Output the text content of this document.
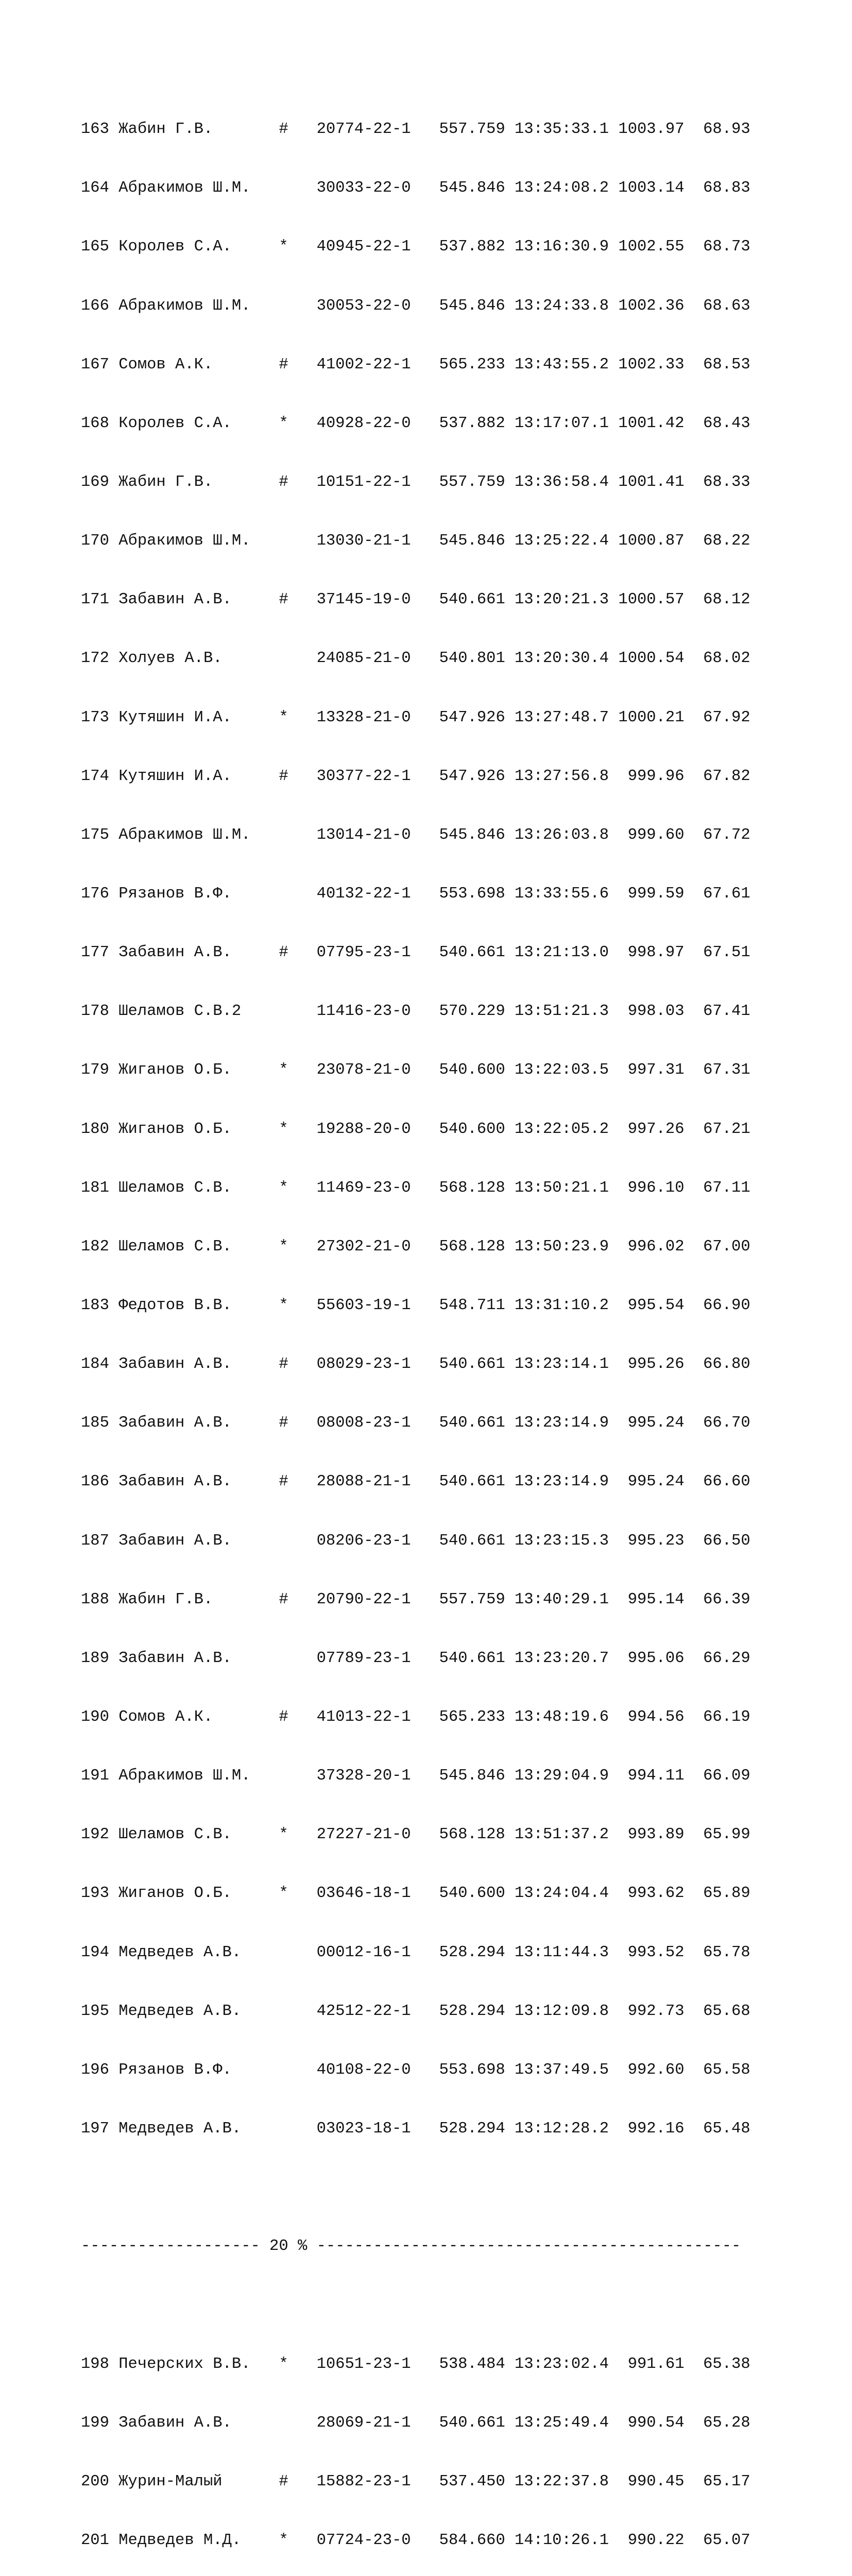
163 Жабин Г.В.       #   20774-22-1   557.759 13:35:33.1 1003.97  68.93

164 Абракимов Ш.М.       30033-22-0   545.846 13:24:08.2 1003.14  68.83

165 Королев С.А.     *   40945-22-1   537.882 13:16:30.9 1002.55  68.73

166 Абракимов Ш.М.       30053-22-0   545.846 13:24:33.8 1002.36  68.63

167 Сомов А.К.       #   41002-22-1   565.233 13:43:55.2 1002.33  68.53

168 Королев С.А.     *   40928-22-0   537.882 13:17:07.1 1001.42  68.43

169 Жабин Г.В.       #   10151-22-1   557.759 13:36:58.4 1001.41  68.33

170 Абракимов Ш.М.       13030-21-1   545.846 13:25:22.4 1000.87  68.22

171 Забавин А.В.     #   37145-19-0   540.661 13:20:21.3 1000.57  68.12

172 Холуев А.В.          24085-21-0   540.801 13:20:30.4 1000.54  68.02

173 Кутяшин И.А.     *   13328-21-0   547.926 13:27:48.7 1000.21  67.92

174 Кутяшин И.А.     #   30377-22-1   547.926 13:27:56.8  999.96  67.82

175 Абракимов Ш.М.       13014-21-0   545.846 13:26:03.8  999.60  67.72

176 Рязанов В.Ф.         40132-22-1   553.698 13:33:55.6  999.59  67.61

177 Забавин А.В.     #   07795-23-1   540.661 13:21:13.0  998.97  67.51

178 Шеламов С.В.2        11416-23-0   570.229 13:51:21.3  998.03  67.41

179 Жиганов О.Б.     *   23078-21-0   540.600 13:22:03.5  997.31  67.31

180 Жиганов О.Б.     *   19288-20-0   540.600 13:22:05.2  997.26  67.21

181 Шеламов С.В.     *   11469-23-0   568.128 13:50:21.1  996.10  67.11

182 Шеламов С.В.     *   27302-21-0   568.128 13:50:23.9  996.02  67.00

183 Федотов В.В.     *   55603-19-1   548.711 13:31:10.2  995.54  66.90

184 Забавин А.В.     #   08029-23-1   540.661 13:23:14.1  995.26  66.80

185 Забавин А.В.     #   08008-23-1   540.661 13:23:14.9  995.24  66.70

186 Забавин А.В.     #   28088-21-1   540.661 13:23:14.9  995.24  66.60

187 Забавин А.В.         08206-23-1   540.661 13:23:15.3  995.23  66.50

188 Жабин Г.В.       #   20790-22-1   557.759 13:40:29.1  995.14  66.39

189 Забавин А.В.         07789-23-1   540.661 13:23:20.7  995.06  66.29

190 Сомов А.К.       #   41013-22-1   565.233 13:48:19.6  994.56  66.19

191 Абракимов Ш.М.       37328-20-1   545.846 13:29:04.9  994.11  66.09

192 Шеламов С.В.     *   27227-21-0   568.128 13:51:37.2  993.89  65.99

193 Жиганов О.Б.     *   03646-18-1   540.600 13:24:04.4  993.62  65.89

194 Медведев А.В.        00012-16-1   528.294 13:11:44.3  993.52  65.78

195 Медведев А.В.        42512-22-1   528.294 13:12:09.8  992.73  65.68

196 Рязанов В.Ф.         40108-22-0   553.698 13:37:49.5  992.60  65.58

197 Медведев А.В.        03023-18-1   528.294 13:12:28.2  992.16  65.48

------------------- 20 % ---------------------------------------------

198 Печерских В.В.   *   10651-23-1   538.484 13:23:02.4  991.61  65.38

199 Забавин А.В.         28069-21-1   540.661 13:25:49.4  990.54  65.28

200 Журин-Малый      #   15882-23-1   537.450 13:22:37.8  990.45  65.17

201 Медведев М.Д.    *   07724-23-0   584.660 14:10:26.1  990.22  65.07
